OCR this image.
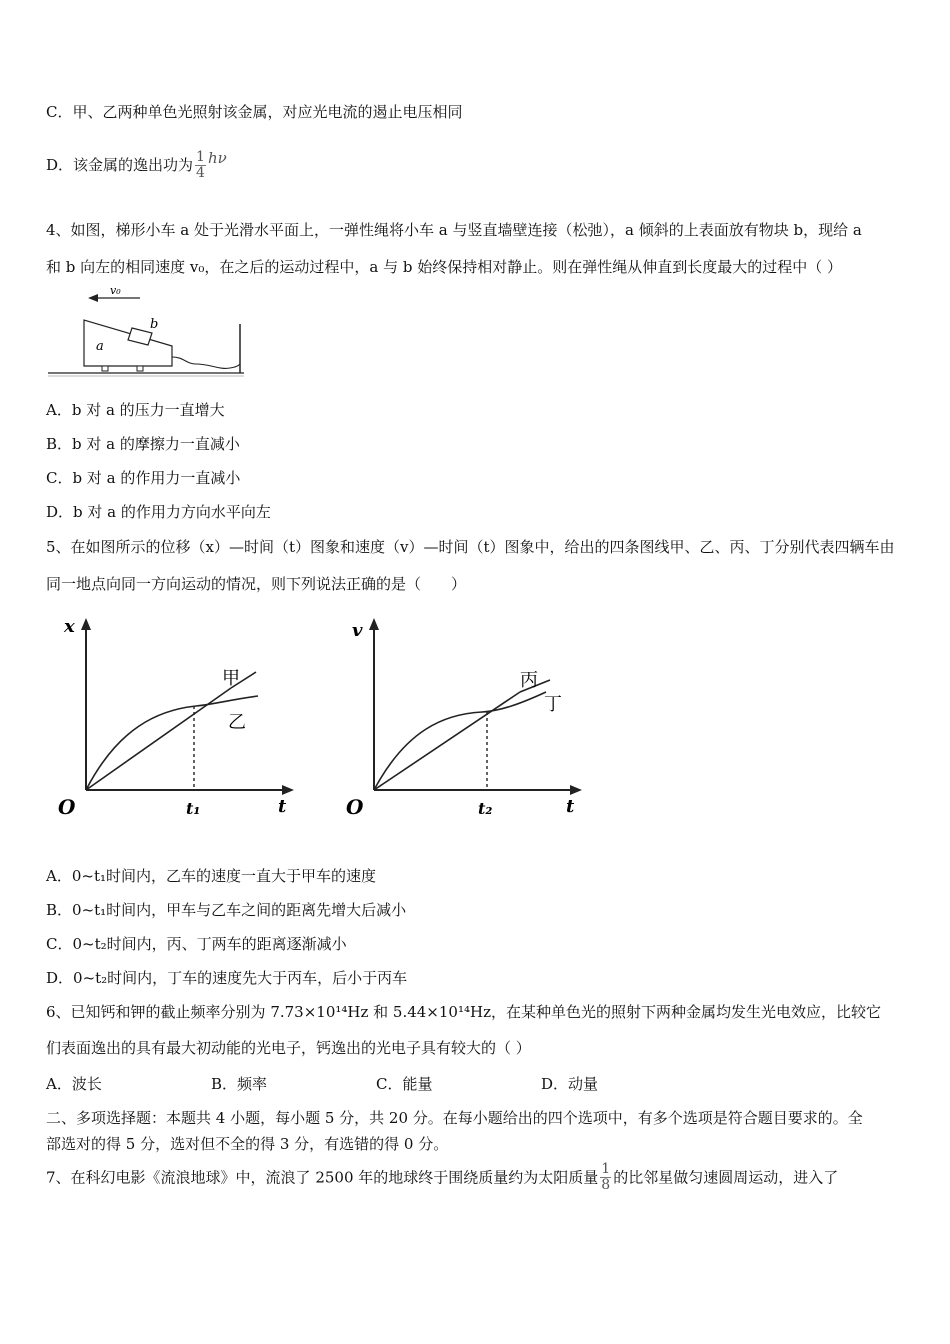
C．甲、乙两种单色光照射该金属，对应光电流的遏止电压相同
D．该金属的逸出功为 $\frac{1}{4}$ hν
4、如图，梯形小车 a 处于光滑水平面上，一弹性绳将小车 a 与竖直墙壁连接（松弛），a 倾斜的上表面放有物块 b，现给 a
和 b 向左的相同速度 v₀，在之后的运动过程中，a 与 b 始终保持相对静止。则在弹性绳从伸直到长度最大的过程中（ ）
v₀
a
b
A．b 对 a 的压力一直增大
B．b 对 a 的摩擦力一直减小
C．b 对 a 的作用力一直减小
D．b 对 a 的作用力方向水平向左
5、在如图所示的位移（x）—时间（t）图象和速度（v）—时间（t）图象中，给出的四条图线甲、乙、丙、丁分别代表四辆车由
同一地点向同一方向运动的情况，则下列说法正确的是（　　）
x
t
O	t₁
甲
乙
v
t
O	t₂
丙
丁
A．0~t₁时间内，乙车的速度一直大于甲车的速度
B．0~t₁时间内，甲车与乙车之间的距离先增大后减小
C．0~t₂时间内，丙、丁两车的距离逐渐减小
D．0~t₂时间内，丁车的速度先大于丙车，后小于丙车
6、已知钙和钾的截止频率分别为 7.73×10¹⁴Hz 和 5.44×10¹⁴Hz，在某种单色光的照射下两种金属均发生光电效应，比较它
们表面逸出的具有最大初动能的光电子，钙逸出的光电子具有较大的（ ）
A．波长	B．频率	C．能量	D．动量
二、多项选择题：本题共 4 小题，每小题 5 分，共 20 分。在每小题给出的四个选项中，有多个选项是符合题目要求的。全
部选对的得 5 分，选对但不全的得 3 分，有选错的得 0 分。
7、在科幻电影《流浪地球》中，流浪了 2500 年的地球终于围绕质量约为太阳质量 $\frac{1}{8}$ 的比邻星做匀速圆周运动，进入了
